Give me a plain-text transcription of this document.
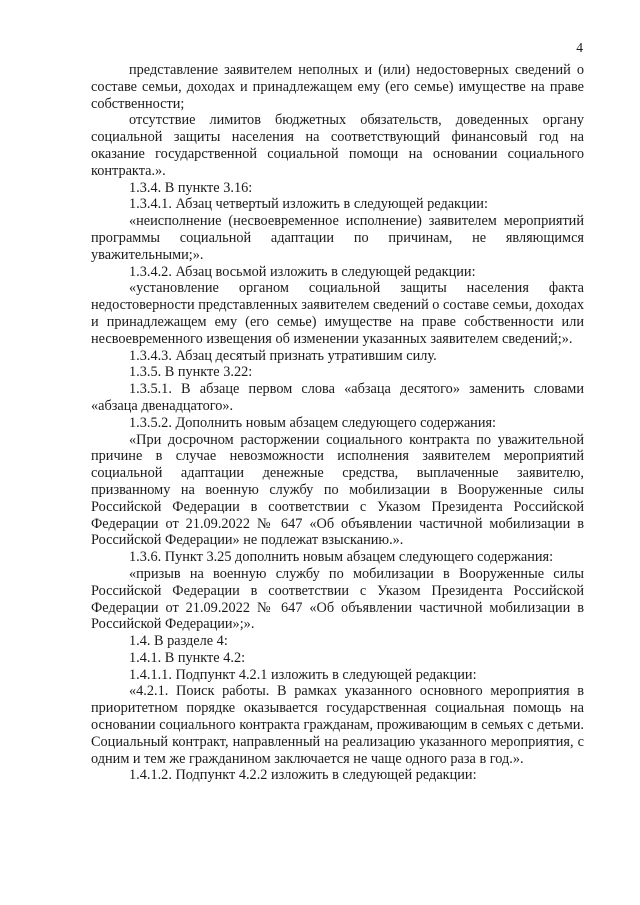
4

представление заявителем неполных и (или) недостоверных сведений о составе семьи, доходах и принадлежащем ему (его семье) имуществе на праве собственности;

отсутствие лимитов бюджетных обязательств, доведенных органу социальной защиты населения на соответствующий финансовый год на оказание государственной социальной помощи на основании социального контракта.».

1.3.4. В пункте 3.16:

1.3.4.1. Абзац четвертый изложить в следующей редакции:

«неисполнение (несвоевременное исполнение) заявителем мероприятий программы социальной адаптации по причинам, не являющимся уважительными;».

1.3.4.2. Абзац восьмой изложить в следующей редакции:

«установление органом социальной защиты населения факта недостоверности представленных заявителем сведений о составе семьи, доходах и принадлежащем ему (его семье) имуществе на праве собственности или несвоевременного извещения об изменении указанных заявителем сведений;».

1.3.4.3. Абзац десятый признать утратившим силу.

1.3.5. В пункте 3.22:

1.3.5.1. В абзаце первом слова «абзаца десятого» заменить словами «абзаца двенадцатого».

1.3.5.2. Дополнить новым абзацем следующего содержания:

«При досрочном расторжении социального контракта по уважительной причине в случае невозможности исполнения заявителем мероприятий социальной адаптации денежные средства, выплаченные заявителю, призванному на военную службу по мобилизации в Вооруженные силы Российской Федерации в соответствии с Указом Президента Российской Федерации от 21.09.2022 № 647 «Об объявлении частичной мобилизации в Российской Федерации» не подлежат взысканию.».

1.3.6. Пункт 3.25 дополнить новым абзацем следующего содержания:

«призыв на военную службу по мобилизации в Вооруженные силы Российской Федерации в соответствии с Указом Президента Российской Федерации от 21.09.2022 № 647 «Об объявлении частичной мобилизации в Российской Федерации»;».

1.4. В разделе 4:

1.4.1. В пункте 4.2:

1.4.1.1. Подпункт 4.2.1 изложить в следующей редакции:

«4.2.1. Поиск работы. В рамках указанного основного мероприятия в приоритетном порядке оказывается государственная социальная помощь на основании социального контракта гражданам, проживающим в семьях с детьми. Социальный контракт, направленный на реализацию указанного мероприятия, с одним и тем же гражданином заключается не чаще одного раза в год.».

1.4.1.2. Подпункт 4.2.2 изложить в следующей редакции:
